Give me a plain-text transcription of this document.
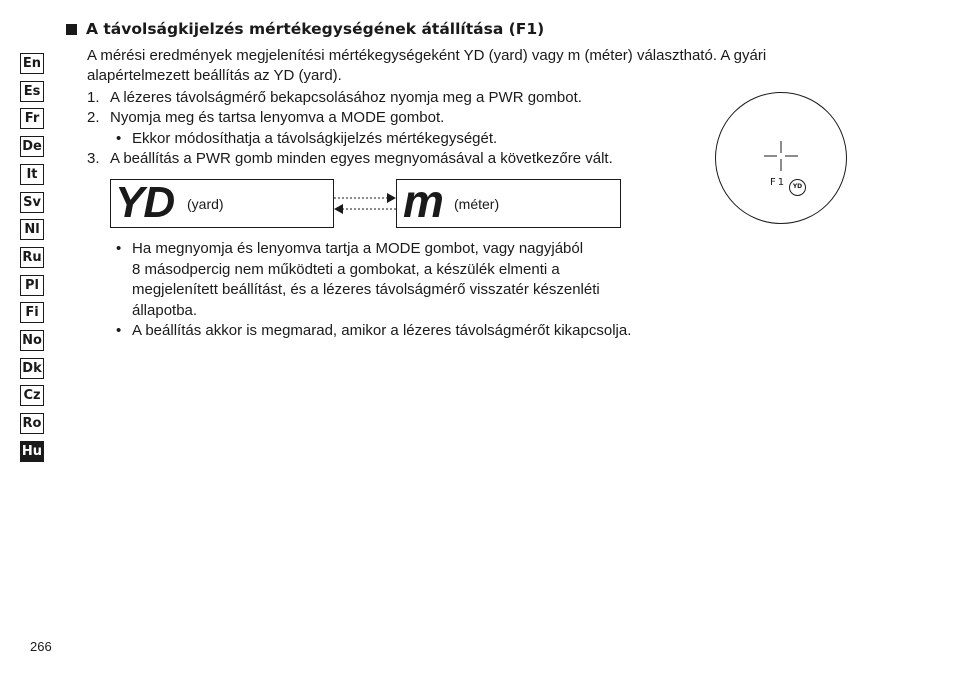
En
Es
Fr
De
It
Sv
Nl
Ru
Pl
Fi
No
Dk
Cz
Ro
Hu
A távolságkijelzés mértékegységének átállítása (F1)
A mérési eredmények megjelenítési mértékegységeként YD (yard) vagy m (méter) választható. A gyári
alapértelmezett beállítás az YD (yard).
1. A lézeres távolságmérő bekapcsolásához nyomja meg a PWR gombot.
2. Nyomja meg és tartsa lenyomva a MODE gombot.
• Ekkor módosíthatja a távolságkijelzés mértékegységét.
3. A beállítás a PWR gomb minden egyes megnyomásával a következőre vált.
YD (yard)	m (méter)
• Ha megnyomja és lenyomva tartja a MODE gombot, vagy nagyjából
8 másodpercig nem működteti a gombokat, a készülék elmenti a
megjelenített beállítást, és a lézeres távolságmérő visszatér készenléti
állapotba.
• A beállítás akkor is megmarad, amikor a lézeres távolságmérőt kikapcsolja.
F1	YD
266
